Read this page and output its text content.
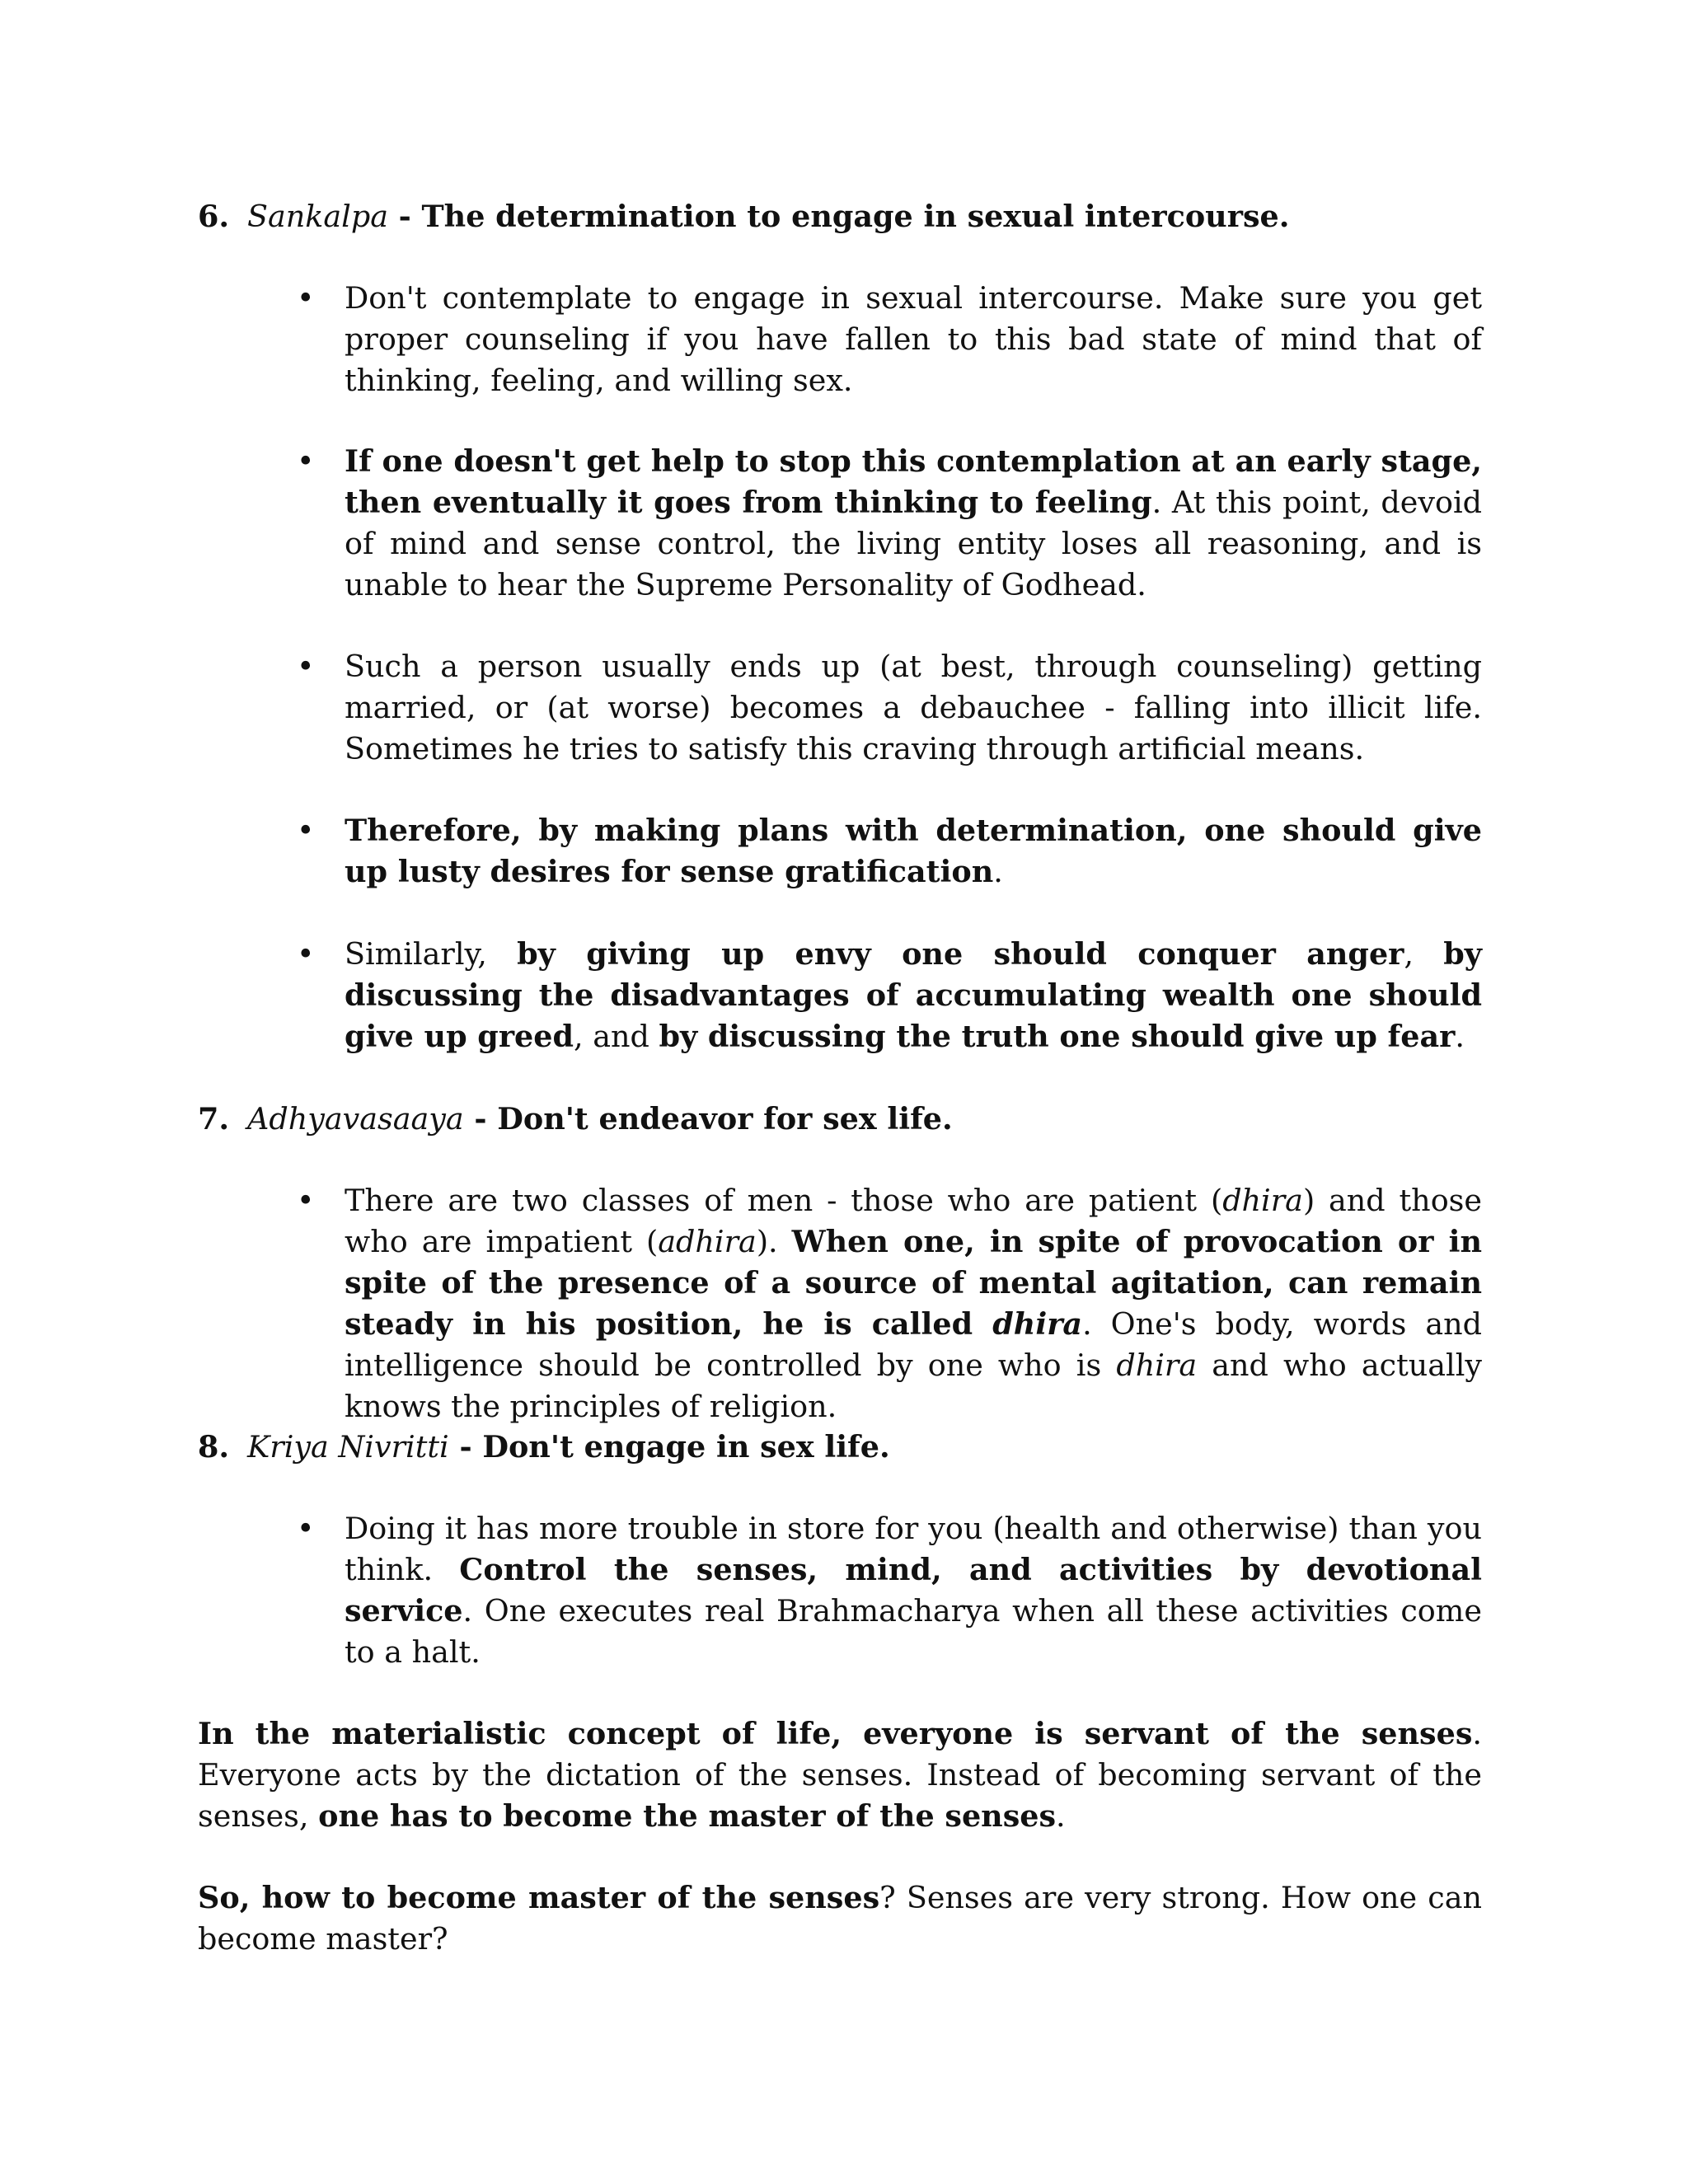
6. Sankalpa - The determination to engage in sexual intercourse.

• Don't contemplate to engage in sexual intercourse. Make sure you get proper counseling if you have fallen to this bad state of mind that of thinking, feeling, and willing sex.

• If one doesn't get help to stop this contemplation at an early stage, then eventually it goes from thinking to feeling. At this point, devoid of mind and sense control, the living entity loses all reasoning, and is unable to hear the Supreme Personality of Godhead.

• Such a person usually ends up (at best, through counseling) getting married, or (at worse) becomes a debauchee - falling into illicit life. Sometimes he tries to satisfy this craving through artificial means.

• Therefore, by making plans with determination, one should give up lusty desires for sense gratification.

• Similarly, by giving up envy one should conquer anger, by discussing the disadvantages of accumulating wealth one should give up greed, and by discussing the truth one should give up fear.

7. Adhyavasaaya - Don't endeavor for sex life.

• There are two classes of men - those who are patient (dhira) and those who are impatient (adhira). When one, in spite of provocation or in spite of the presence of a source of mental agitation, can remain steady in his position, he is called dhira. One's body, words and intelligence should be controlled by one who is dhira and who actually knows the principles of religion.

8. Kriya Nivritti - Don't engage in sex life.

• Doing it has more trouble in store for you (health and otherwise) than you think. Control the senses, mind, and activities by devotional service. One executes real Brahmacharya when all these activities come to a halt.

In the materialistic concept of life, everyone is servant of the senses. Everyone acts by the dictation of the senses. Instead of becoming servant of the senses, one has to become the master of the senses.

So, how to become master of the senses? Senses are very strong. How one can become master?
